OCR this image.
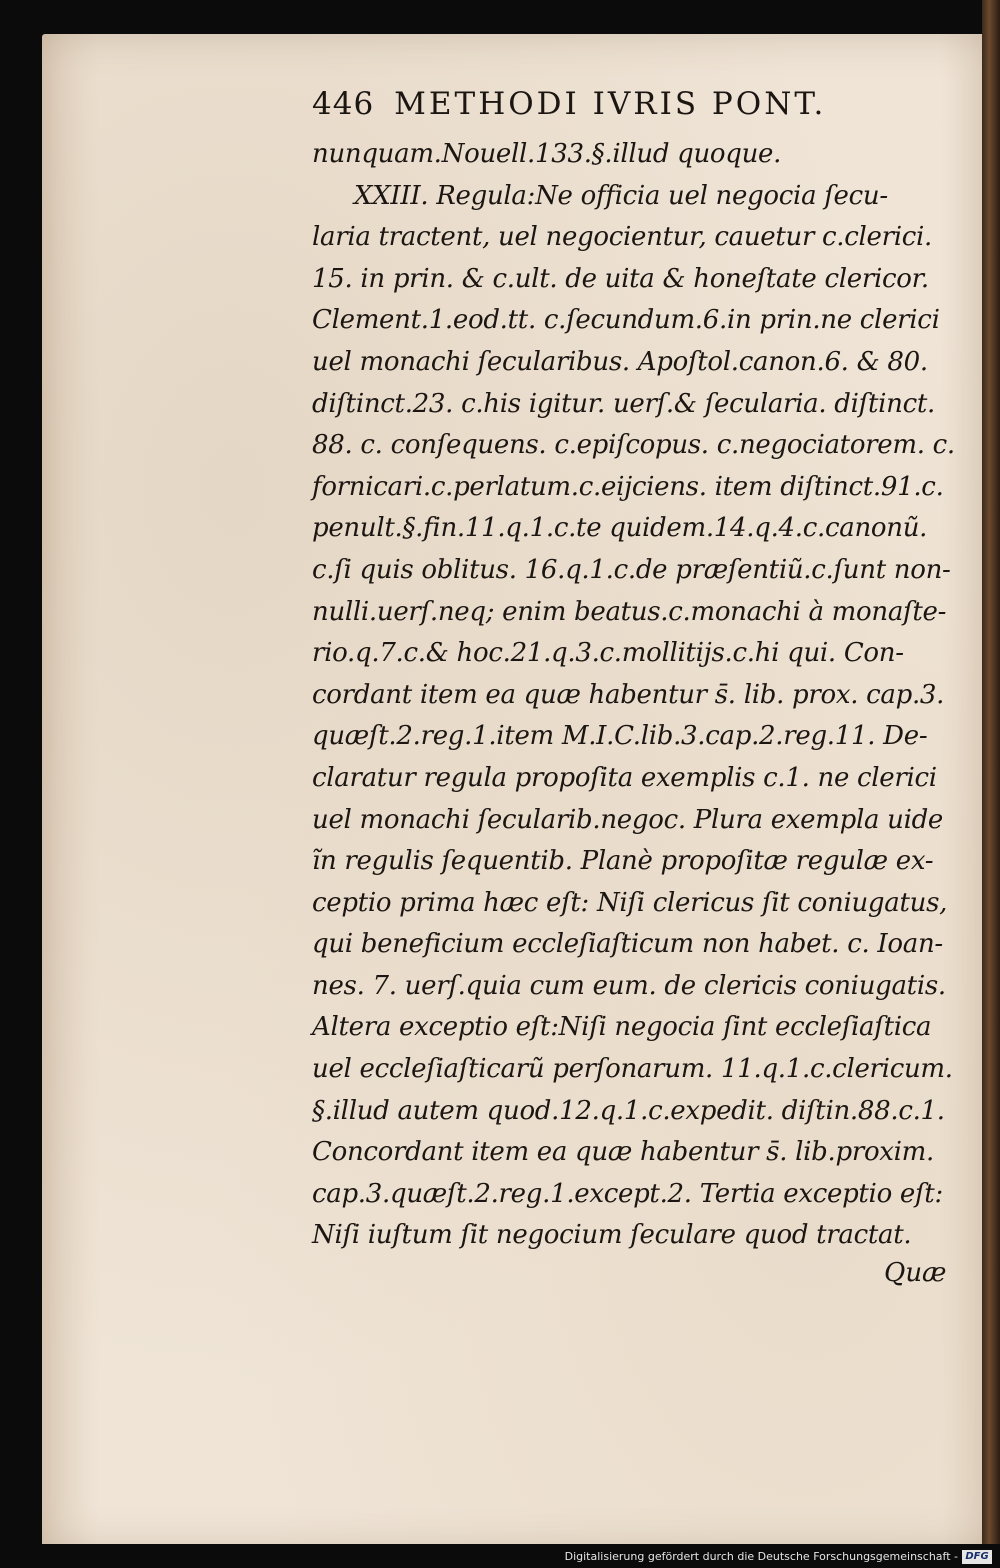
446 METHODI IVRIS PONT.
nunquam.Nouell.133.§.illud quoque.
XXIII. Regula:Ne officia uel negocia ſecu-
laria tractent, uel negocientur, cauetur c.clerici.
15. in prin. & c.ult. de uita & honeſtate clericor.
Clement.1.eod.tt. c.ſecundum.6.in prin.ne clerici
uel monachi ſecularibus. Apoſtol.canon.6. & 80.
diſtinct.23. c.his igitur. uerſ.& ſecularia. diſtinct.
88. c. conſequens. c.epiſcopus. c.negociatorem. c.
fornicari.c.perlatum.c.eijciens. item diſtinct.91.c.
penult.§.fin.11.q.1.c.te quidem.14.q.4.c.canonũ.
c.ſi quis oblitus. 16.q.1.c.de præſentiũ.c.ſunt non-
nulli.uerſ.neq; enim beatus.c.monachi à monaſte-
rio.q.7.c.& hoc.21.q.3.c.mollitijs.c.hi qui. Con-
cordant item ea quæ habentur s̄. lib. prox. cap.3.
quæſt.2.reg.1.item M.I.C.lib.3.cap.2.reg.11. De-
claratur regula propoſita exemplis c.1. ne clerici
uel monachi ſecularib.negoc. Plura exempla uide
ĩn regulis ſequentib. Planè propoſitæ regulæ ex-
ceptio prima hæc eſt: Niſi clericus ſit coniugatus,
qui beneficium eccleſiaſticum non habet. c. Ioan-
nes. 7. uerſ.quia cum eum. de clericis coniugatis.
Altera exceptio eſt:Niſi negocia ſint eccleſiaſtica
uel eccleſiaſticarũ perſonarum. 11.q.1.c.clericum.
§.illud autem quod.12.q.1.c.expedit. diſtin.88.c.1.
Concordant item ea quæ habentur s̄. lib.proxim.
cap.3.quæſt.2.reg.1.except.2. Tertia exceptio eſt:
Niſi iuſtum ſit negocium ſeculare quod tractat.
Quæ
Digitalisierung gefördert durch die Deutsche Forschungsgemeinschaft - DFG
